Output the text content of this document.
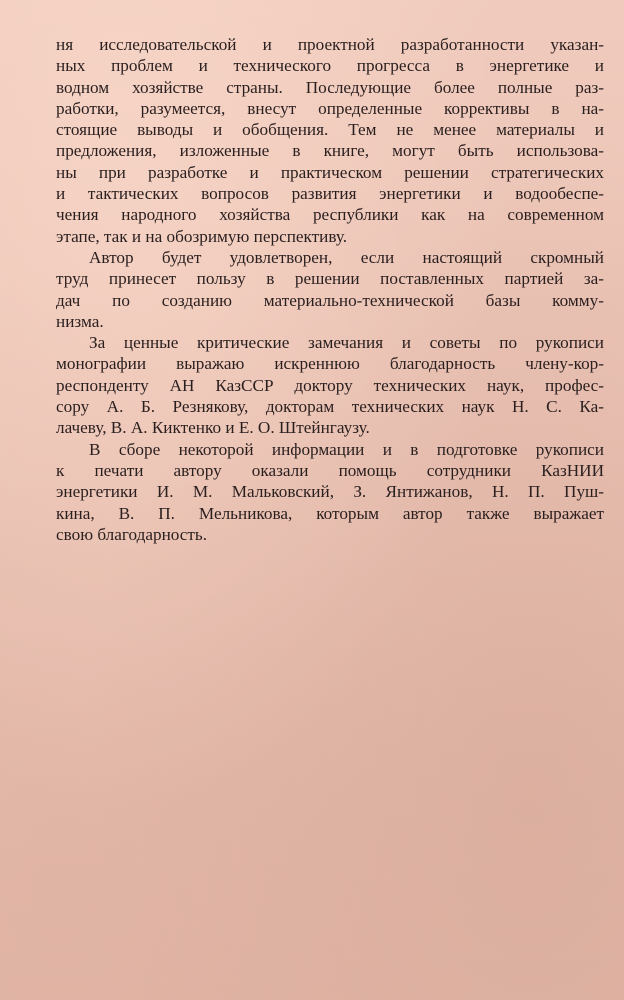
ня исследовательской и проектной разработанности указан-
ных проблем и технического прогресса в энергетике и
водном хозяйстве страны. Последующие более полные раз-
работки, разумеется, внесут определенные коррективы в на-
стоящие выводы и обобщения. Тем не менее материалы и
предложения, изложенные в книге, могут быть использова-
ны при разработке и практическом решении стратегических
и тактических вопросов развития энергетики и водообеспе-
чения народного хозяйства республики как на современном
этапе, так и на обозримую перспективу.
Автор будет удовлетворен, если настоящий скромный
труд принесет пользу в решении поставленных партией за-
дач по созданию материально-технической базы комму-
низма.
За ценные критические замечания и советы по рукописи
монографии выражаю искреннюю благодарность члену-кор-
респонденту АН КазССР доктору технических наук, профес-
сору А. Б. Резнякову, докторам технических наук Н. С. Ка-
лачеву, В. А. Киктенко и Е. О. Штейнгаузу.
В сборе некоторой информации и в подготовке рукописи
к печати автору оказали помощь сотрудники КазНИИ
энергетики И. М. Мальковский, З. Янтижанов, Н. П. Пуш-
кина, В. П. Мельникова, которым автор также выражает
свою благодарность.
